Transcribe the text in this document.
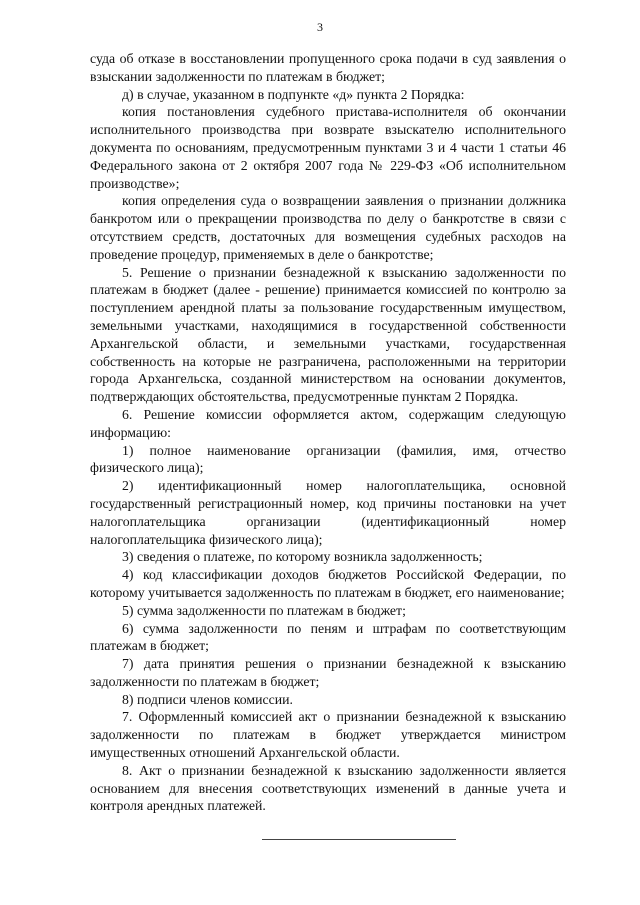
3

суда об отказе в восстановлении пропущенного срока подачи в суд заявления о взыскании задолженности по платежам в бюджет;

д) в случае, указанном в подпункте «д» пункта 2 Порядка:

копия постановления судебного пристава-исполнителя об окончании исполнительного производства при возврате взыскателю исполнительного документа по основаниям, предусмотренным пунктами 3 и 4 части 1 статьи 46 Федерального закона от 2 октября 2007 года № 229-ФЗ «Об исполнительном производстве»;

копия определения суда о возвращении заявления о признании должника банкротом или о прекращении производства по делу о банкротстве в связи с отсутствием средств, достаточных для возмещения судебных расходов на проведение процедур, применяемых в деле о банкротстве;

5. Решение о признании безнадежной к взысканию задолженности по платежам в бюджет (далее - решение) принимается комиссией по контролю за поступлением арендной платы за пользование государственным имуществом, земельными участками, находящимися в государственной собственности Архангельской области, и земельными участками, государственная собственность на которые не разграничена, расположенными на территории города Архангельска, созданной министерством на основании документов, подтверждающих обстоятельства, предусмотренные пунктам 2 Порядка.

6. Решение комиссии оформляется актом, содержащим следующую информацию:

1) полное наименование организации (фамилия, имя, отчество физического лица);

2) идентификационный номер налогоплательщика, основной государственный регистрационный номер, код причины постановки на учет налогоплательщика организации (идентификационный номер налогоплательщика физического лица);

3) сведения о платеже, по которому возникла задолженность;

4) код классификации доходов бюджетов Российской Федерации, по которому учитывается задолженность по платежам в бюджет, его наименование;

5) сумма задолженности по платежам в бюджет;

6) сумма задолженности по пеням и штрафам по соответствующим платежам в бюджет;

7) дата принятия решения о признании безнадежной к взысканию задолженности по платежам в бюджет;

8) подписи членов комиссии.

7. Оформленный комиссией акт о признании безнадежной к взысканию задолженности по платежам в бюджет утверждается министром имущественных отношений Архангельской области.

8. Акт о признании безнадежной к взысканию задолженности является основанием для внесения соответствующих изменений в данные учета и контроля арендных платежей.
